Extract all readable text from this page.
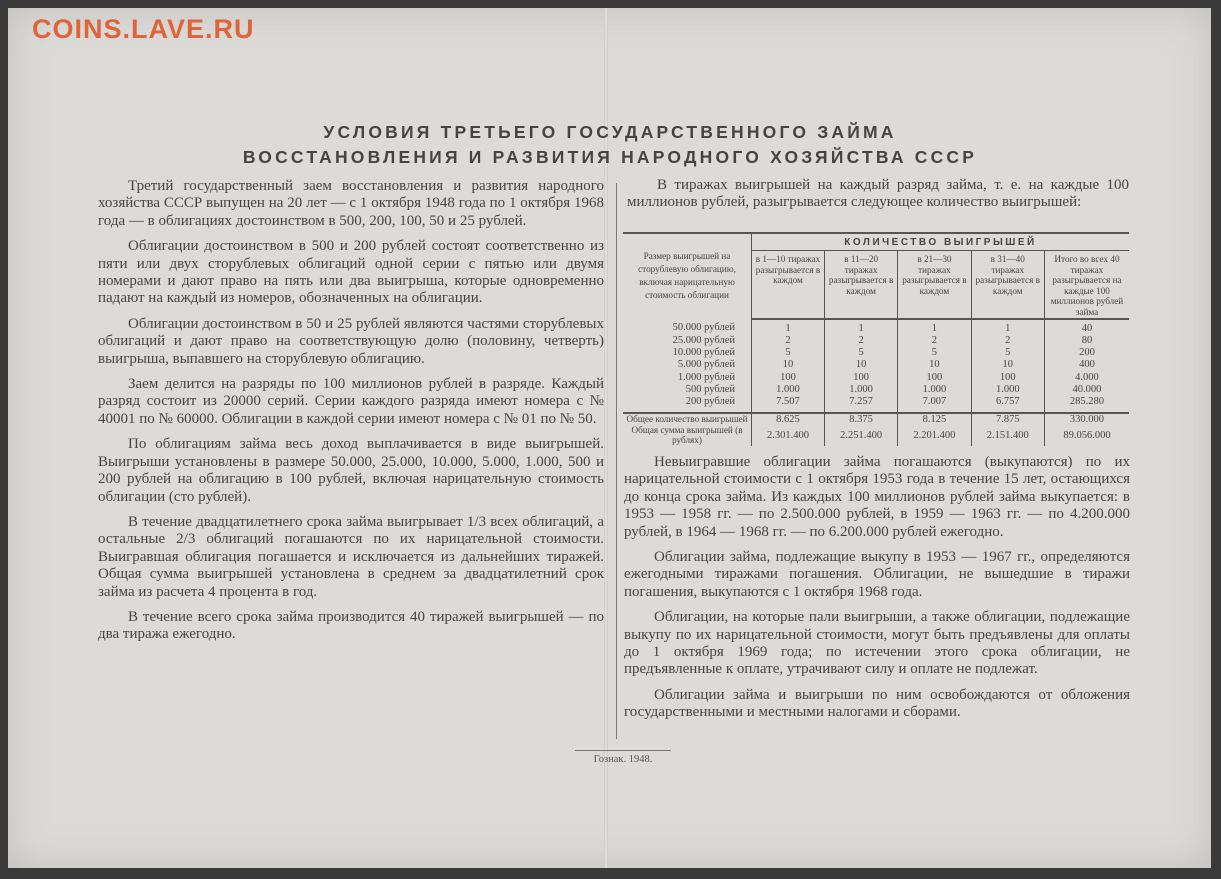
COINS.LAVE.RU
УСЛОВИЯ ТРЕТЬЕГО ГОСУДАРСТВЕННОГО ЗАЙМА
ВОССТАНОВЛЕНИЯ И РАЗВИТИЯ НАРОДНОГО ХОЗЯЙСТВА СССР

Третий государственный заем восстановления и развития народного хозяйства СССР выпущен на 20 лет — с 1 октября 1948 года по 1 октября 1968 года — в облигациях достоинством в 500, 200, 100, 50 и 25 рублей.

Облигации достоинством в 500 и 200 рублей состоят соответственно из пяти или двух сторублевых облигаций одной серии с пятью или двумя номерами и дают право на пять или два выигрыша, которые одновременно падают на каждый из номеров, обозначенных на облигации.

Облигации достоинством в 50 и 25 рублей являются частями сторублевых облигаций и дают право на соответствующую долю (половину, четверть) выигрыша, выпавшего на сторублевую облигацию.

Заем делится на разряды по 100 миллионов рублей в разряде. Каждый разряд состоит из 20000 серий. Серии каждого разряда имеют номера с № 40001 по № 60000. Облигации в каждой серии имеют номера с № 01 по № 50.

По облигациям займа весь доход выплачивается в виде выигрышей. Выигрыши установлены в размере 50.000, 25.000, 10.000, 5.000, 1.000, 500 и 200 рублей на облигацию в 100 рублей, включая нарицательную стоимость облигации (сто рублей).

В течение двадцатилетнего срока займа выигрывает 1/3 всех облигаций, а остальные 2/3 облигаций погашаются по их нарицательной стоимости. Выигравшая облигация погашается и исключается из дальнейших тиражей. Общая сумма выигрышей установлена в среднем за двадцатилетний срок займа из расчета 4 процента в год.

В течение всего срока займа производится 40 тиражей выигрышей — по два тиража ежегодно.

В тиражах выигрышей на каждый разряд займа, т. е. на каждые 100 миллионов рублей, разыгрывается следующее количество выигрышей:

Размер выигрышей на сторублевую облигацию, включая нарицательную стоимость облигации	КОЛИЧЕСТВО ВЫИГРЫШЕЙ				
	в 1—10 тиражах разыгрывается в каждом	в 11—20 тиражах разыгрывается в каждом	в 21—30 тиражах разыгрывается в каждом	в 31—40 тиражах разыгрывается в каждом	Итого во всех 40 тиражах разыгрывается на каждые 100 миллионов рублей займа
50.000 рублей	1	1	1	1	40
25.000 рублей	2	2	2	2	80
10.000 рублей	5	5	5	5	200
5.000 рублей	10	10	10	10	400
1.000 рублей	100	100	100	100	4.000
500 рублей	1.000	1.000	1.000	1.000	40.000
200 рублей	7.507	7.257	7.007	6.757	285.280
Общее количество выигрышей	8.625	8.375	8.125	7.875	330.000
Общая сумма выигрышей (в рублях)	2.301.400	2.251.400	2.201.400	2.151.400	89.056.000

Невыигравшие облигации займа погашаются (выкупаются) по их нарицательной стоимости с 1 октября 1953 года в течение 15 лет, остающихся до конца срока займа. Из каждых 100 миллионов рублей займа выкупается: в 1953 — 1958 гг. — по 2.500.000 рублей, в 1959 — 1963 гг. — по 4.200.000 рублей, в 1964 — 1968 гг. — по 6.200.000 рублей ежегодно.

Облигации займа, подлежащие выкупу в 1953 — 1967 гг., определяются ежегодными тиражами погашения. Облигации, не вышедшие в тиражи погашения, выкупаются с 1 октября 1968 года.

Облигации, на которые пали выигрыши, а также облигации, подлежащие выкупу по их нарицательной стоимости, могут быть предъявлены для оплаты до 1 октября 1969 года; по истечении этого срока облигации, не предъявленные к оплате, утрачивают силу и оплате не подлежат.

Облигации займа и выигрыши по ним освобождаются от обложения государственными и местными налогами и сборами.

Гознак. 1948.
